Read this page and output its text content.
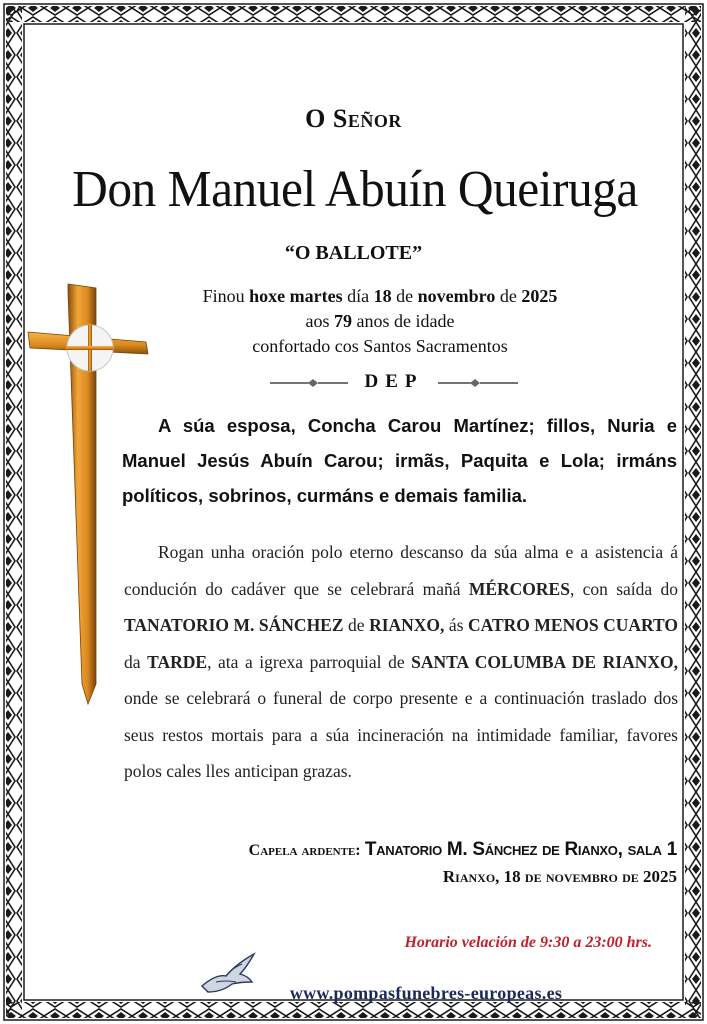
O Señor
Don Manuel Abuín Queiruga
“O BALLOTE”
Finou hoxe martes día 18 de novembro de 2025
aos 79 anos de idade
confortado cos Santos Sacramentos
DEP

A súa esposa, Concha Carou Martínez; fillos, Nuria e Manuel Jesús Abuín Carou; irmãs, Paquita e Lola; irmáns políticos, sobrinos, curmáns e demais familia.

Rogan unha oración polo eterno descanso da súa alma e a asistencia á condución do cadáver que se celebrará mañá MÉRCORES, con saída do TANATORIO M. SÁNCHEZ de RIANXO, ás CATRO MENOS CUARTO da TARDE, ata a igrexa parroquial de SANTA COLUMBA DE RIANXO, onde se celebrará o funeral de corpo presente e a continuación traslado dos seus restos mortais para a súa incineración na intimidade familiar, favores polos cales lles anticipan grazas.

Capela ardente: Tanatorio M. Sánchez de Rianxo, sala 1
Rianxo, 18 de novembro de 2025
Horario velación de 9:30 a 23:00 hrs.
www.pompasfunebres-europeas.es
